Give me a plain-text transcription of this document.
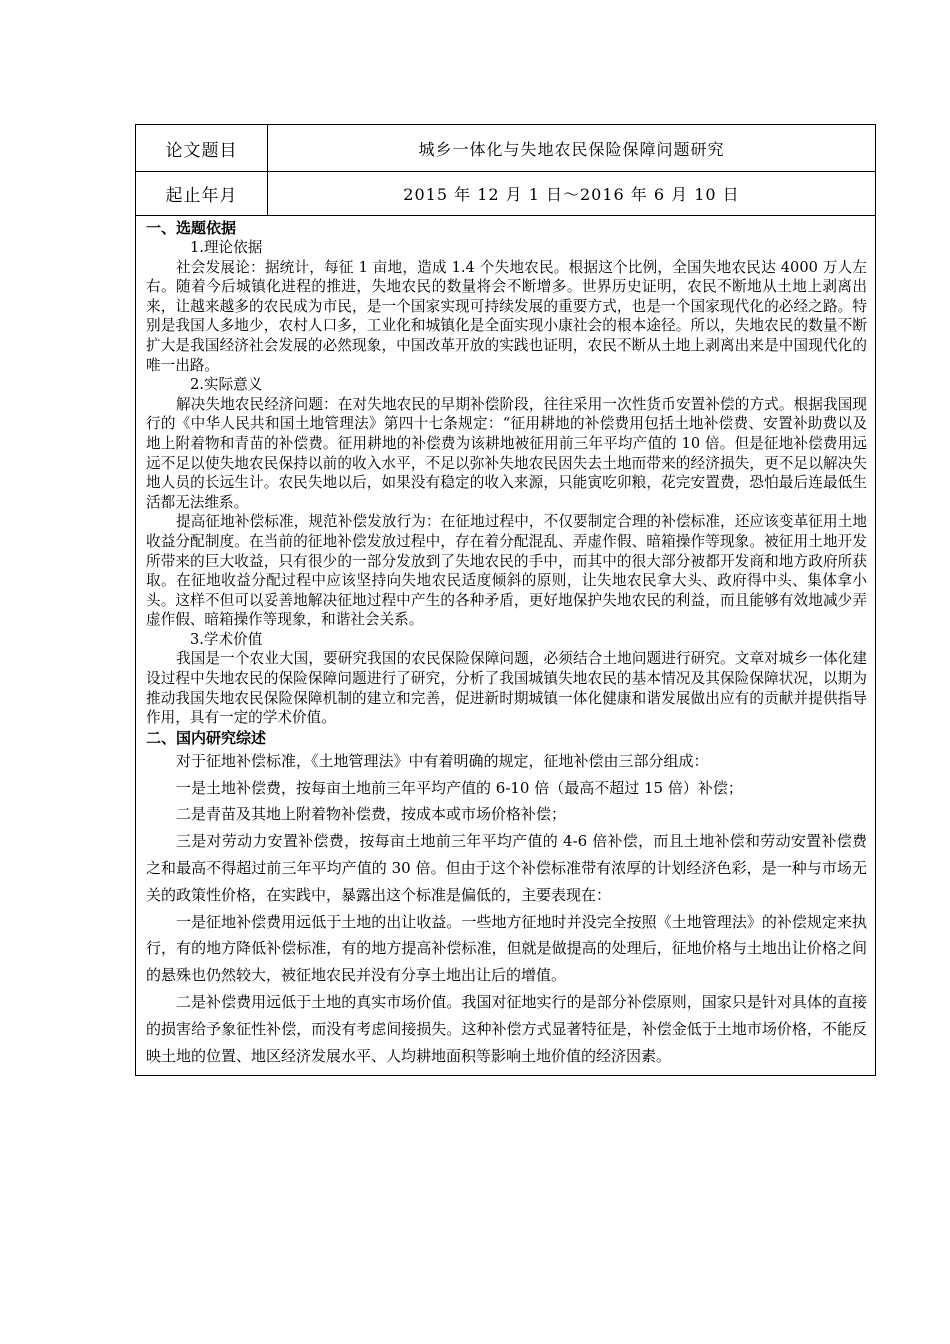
论文题目	城乡一体化与失地农民保险保障问题研究
起止年月	2015 年 12 月 1 日～2016 年 6 月 10 日

一、选题依据

1.理论依据

社会发展论：据统计，每征 1 亩地，造成 1.4 个失地农民。根据这个比例，全国失地农民达 4000 万人左右。随着今后城镇化进程的推进，失地农民的数量将会不断增多。世界历史证明，农民不断地从土地上剥离出来，让越来越多的农民成为市民，是一个国家实现可持续发展的重要方式，也是一个国家现代化的必经之路。特别是我国人多地少，农村人口多，工业化和城镇化是全面实现小康社会的根本途径。所以，失地农民的数量不断扩大是我国经济社会发展的必然现象，中国改革开放的实践也证明，农民不断从土地上剥离出来是中国现代化的唯一出路。

2.实际意义

解决失地农民经济问题：在对失地农民的早期补偿阶段，往往采用一次性货币安置补偿的方式。根据我国现行的《中华人民共和国土地管理法》第四十七条规定：“征用耕地的补偿费用包括土地补偿费、安置补助费以及地上附着物和青苗的补偿费。征用耕地的补偿费为该耕地被征用前三年平均产值的 10 倍。但是征地补偿费用远远不足以使失地农民保持以前的收入水平，不足以弥补失地农民因失去土地而带来的经济损失，更不足以解决失地人员的长远生计。农民失地以后，如果没有稳定的收入来源，只能寅吃卯粮，花完安置费，恐怕最后连最低生活都无法维系。

提高征地补偿标准，规范补偿发放行为：在征地过程中，不仅要制定合理的补偿标准，还应该变革征用土地收益分配制度。在当前的征地补偿发放过程中，存在着分配混乱、弄虚作假、暗箱操作等现象。被征用土地开发所带来的巨大收益，只有很少的一部分发放到了失地农民的手中，而其中的很大部分被都开发商和地方政府所获取。在征地收益分配过程中应该坚持向失地农民适度倾斜的原则，让失地农民拿大头、政府得中头、集体拿小头。这样不但可以妥善地解决征地过程中产生的各种矛盾，更好地保护失地农民的利益，而且能够有效地减少弄虚作假、暗箱操作等现象，和谐社会关系。

3.学术价值

我国是一个农业大国，要研究我国的农民保险保障问题，必须结合土地问题进行研究。文章对城乡一体化建设过程中失地农民的保险保障问题进行了研究，分析了我国城镇失地农民的基本情况及其保险保障状况，以期为推动我国失地农民保险保障机制的建立和完善，促进新时期城镇一体化健康和谐发展做出应有的贡献并提供指导作用，具有一定的学术价值。

二、国内研究综述

对于征地补偿标准，《土地管理法》中有着明确的规定，征地补偿由三部分组成：

一是土地补偿费，按每亩土地前三年平均产值的 6-10 倍（最高不超过 15 倍）补偿；

二是青苗及其地上附着物补偿费，按成本或市场价格补偿；

三是对劳动力安置补偿费，按每亩土地前三年平均产值的 4-6 倍补偿，而且土地补偿和劳动安置补偿费之和最高不得超过前三年平均产值的 30 倍。但由于这个补偿标准带有浓厚的计划经济色彩，是一种与市场无关的政策性价格，在实践中，暴露出这个标准是偏低的，主要表现在：

一是征地补偿费用远低于土地的出让收益。一些地方征地时并没完全按照《土地管理法》的补偿规定来执行，有的地方降低补偿标准，有的地方提高补偿标准，但就是做提高的处理后，征地价格与土地出让价格之间的悬殊也仍然较大，被征地农民并没有分享土地出让后的增值。

二是补偿费用远低于土地的真实市场价值。我国对征地实行的是部分补偿原则，国家只是针对具体的直接的损害给予象征性补偿，而没有考虑间接损失。这种补偿方式显著特征是，补偿金低于土地市场价格，不能反映土地的位置、地区经济发展水平、人均耕地面积等影响土地价值的经济因素。
